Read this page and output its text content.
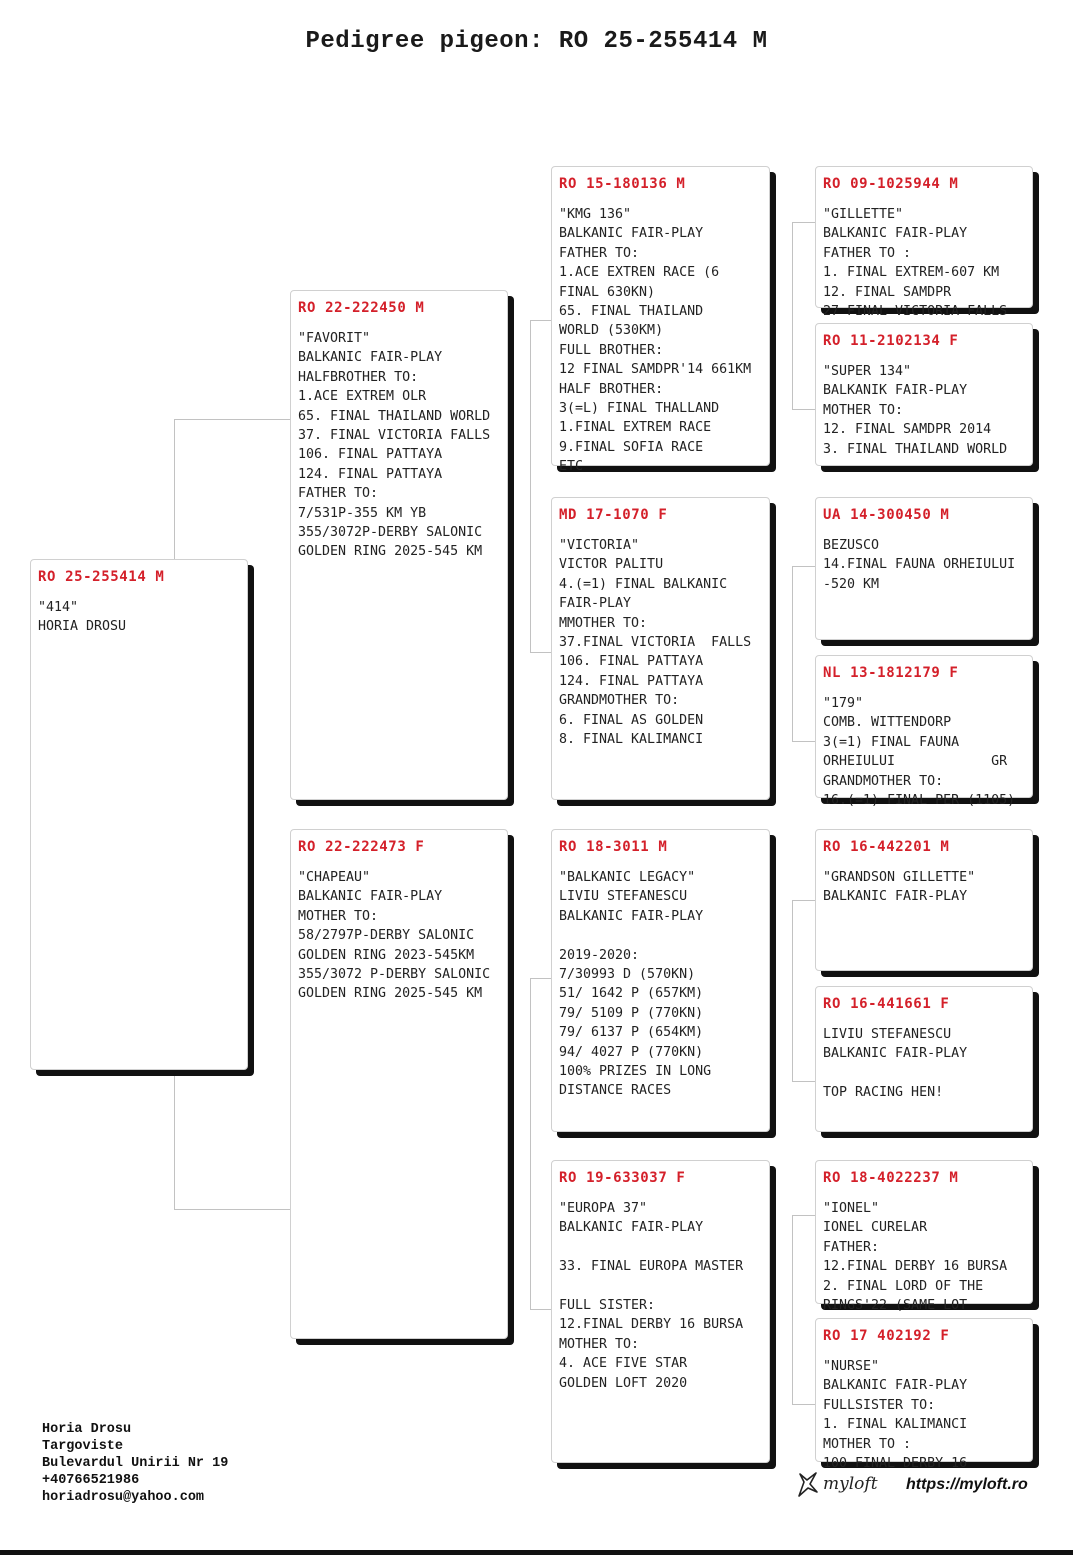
Pedigree pigeon: RO 25-255414 M
RO 25-255414 M
"414"
HORIA DROSU
RO 22-222450 M
"FAVORIT"
BALKANIC FAIR-PLAY
HALFBROTHER TO:
1.ACE EXTREM OLR
65. FINAL THAILAND WORLD
37. FINAL VICTORIA FALLS
106. FINAL PATTAYA
124. FINAL PATTAYA
FATHER TO:
7/531P-355 KM YB
355/3072P-DERBY SALONIC
GOLDEN RING 2025-545 KM
RO 22-222473 F
"CHAPEAU"
BALKANIC FAIR-PLAY
MOTHER TO:
58/2797P-DERBY SALONIC
GOLDEN RING 2023-545KM
355/3072 P-DERBY SALONIC
GOLDEN RING 2025-545 KM
RO 15-180136 M
"KMG 136"
BALKANIC FAIR-PLAY
FATHER TO:
1.ACE EXTREN RACE (6
FINAL 630KN)
65. FINAL THAILAND
WORLD (530KM)
FULL BROTHER:
12 FINAL SAMDPR'14 661KM
HALF BROTHER:
3(=L) FINAL THALLAND
1.FINAL EXTREM RACE
9.FINAL SOFIA RACE
ETC
MD 17-1070 F
"VICTORIA"
VICTOR PALITU
4.(=1) FINAL BALKANIC
FAIR-PLAY
MMOTHER TO:
37.FINAL VICTORIA  FALLS
106. FINAL PATTAYA
124. FINAL PATTAYA
GRANDMOTHER TO:
6. FINAL AS GOLDEN
8. FINAL KALIMANCI
RO 18-3011 M
"BALKANIC LEGACY"
LIVIU STEFANESCU
BALKANIC FAIR-PLAY

2019-2020:
7/30993 D (570KN)
51/ 1642 P (657KM)
79/ 5109 P (770KN)
79/ 6137 P (654KM)
94/ 4027 P (770KN)
100% PRIZES IN LONG
DISTANCE RACES
RO 19-633037 F
"EUROPA 37"
BALKANIC FAIR-PLAY

33. FINAL EUROPA MASTER

FULL SISTER:
12.FINAL DERBY 16 BURSA
MOTHER TO:
4. ACE FIVE STAR
GOLDEN LOFT 2020
RO 09-1025944 M
"GILLETTE"
BALKANIC FAIR-PLAY
FATHER TO :
1. FINAL EXTREM-607 KM
12. FINAL SAMDPR
27 FINAL VICTORIA FALLS
RO 11-2102134 F
"SUPER 134"
BALKANIK FAIR-PLAY
MOTHER TO:
12. FINAL SAMDPR 2014
3. FINAL THAILAND WORLD
UA 14-300450 M
BEZUSCO
14.FINAL FAUNA ORHEIULUI
-520 KM
NL 13-1812179 F
"179"
COMB. WITTENDORP
3(=1) FINAL FAUNA
ORHEIULUI            GR
GRANDMOTHER TO:
16.(=1) FINAL PER (1105)
RO 16-442201 M
"GRANDSON GILLETTE"
BALKANIC FAIR-PLAY
RO 16-441661 F
LIVIU STEFANESCU
BALKANIC FAIR-PLAY

TOP RACING HEN!
RO 18-4022237 M
"IONEL"
IONEL CURELAR
FATHER:
12.FINAL DERBY 16 BURSA
2. FINAL LORD OF THE
RINGS'22 (SAME LOT
RO 17 402192 F
"NURSE"
BALKANIC FAIR-PLAY
FULLSISTER TO:
1. FINAL KALIMANCI
MOTHER TO :
100 FINAL DERBY 16
Horia Drosu
Targoviste
Bulevardul Unirii Nr 19
+40766521986
horiadrosu@yahoo.com
myloft https://myloft.ro
